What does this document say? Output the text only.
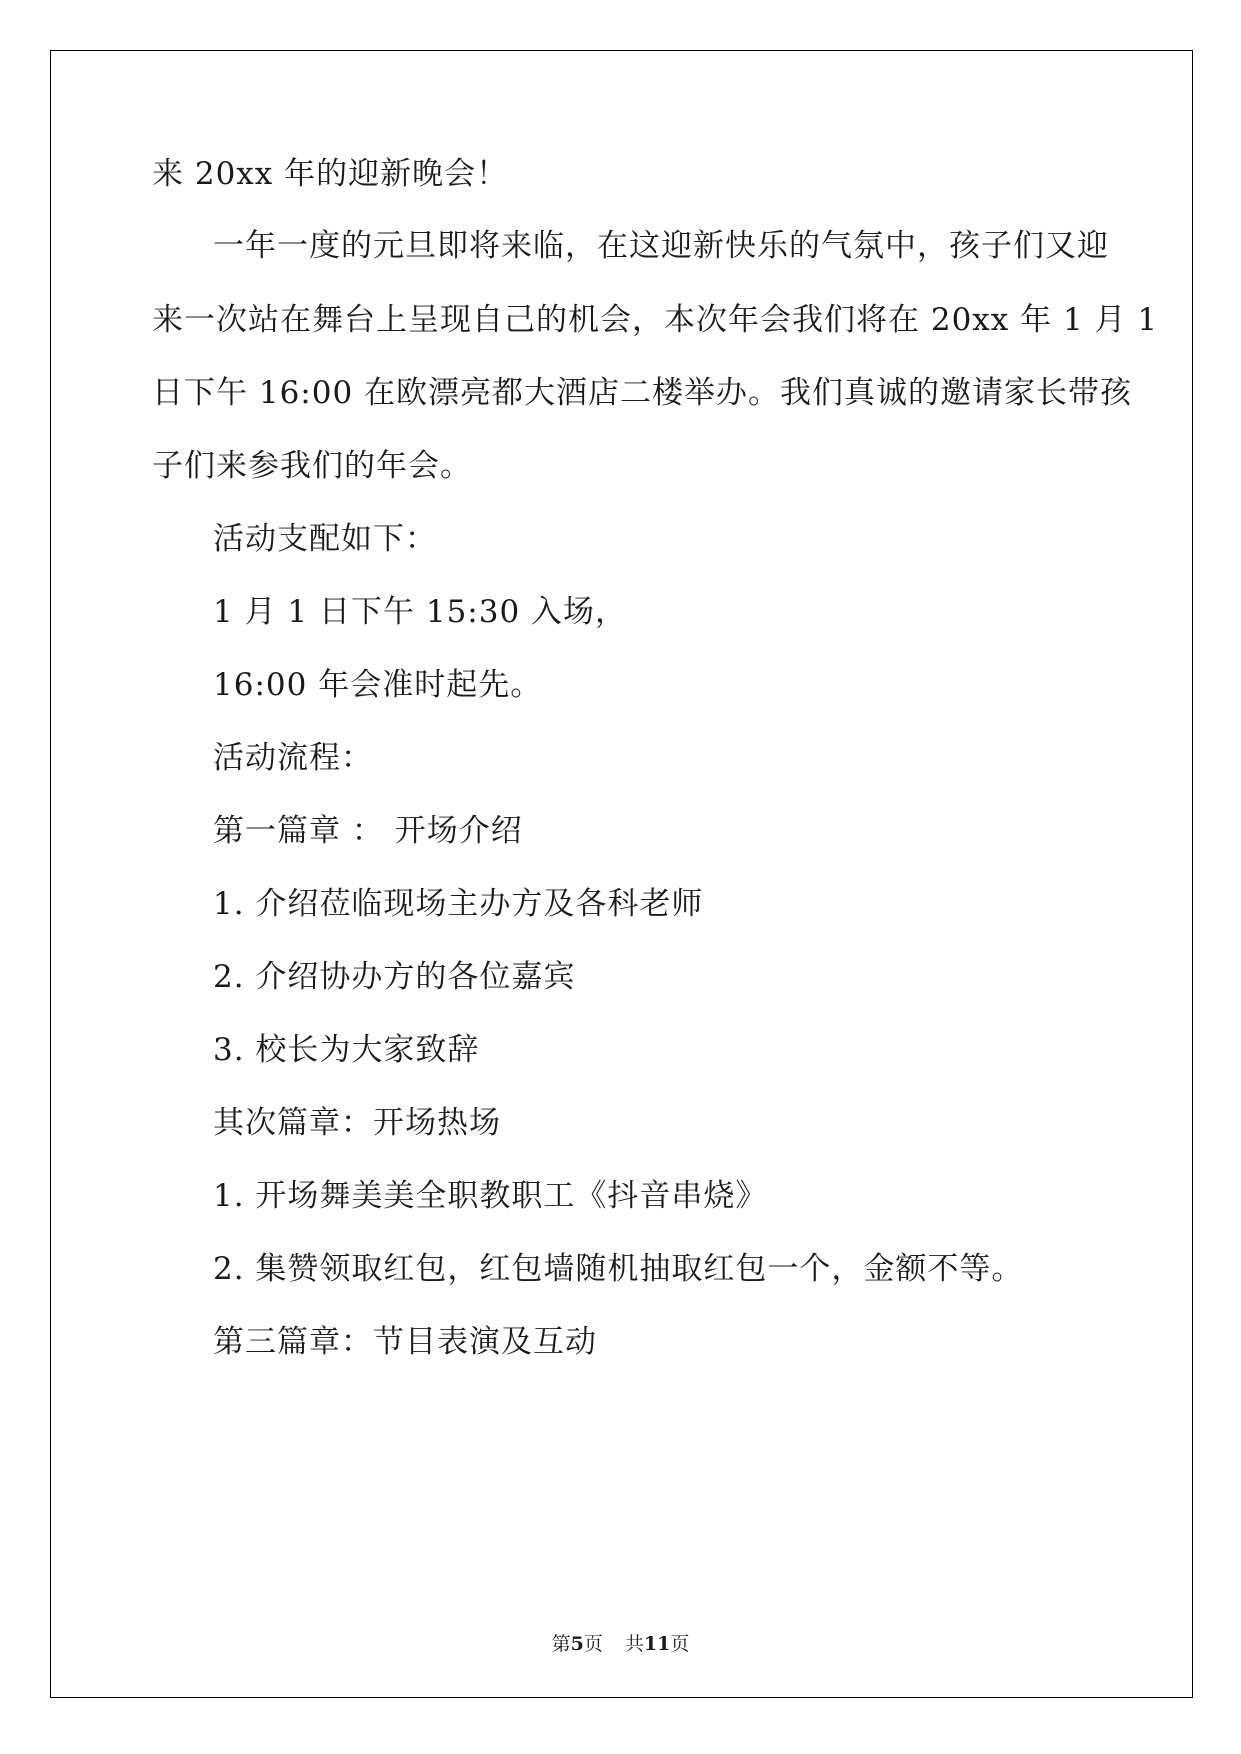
来 20xx 年的迎新晚会！
一年一度的元旦即将来临，在这迎新快乐的气氛中，孩子们又迎
来一次站在舞台上呈现自己的机会，本次年会我们将在 20xx 年 1 月 1
日下午 16:00 在欧漂亮都大酒店二楼举办。我们真诚的邀请家长带孩
子们来参我们的年会。
活动支配如下：
1 月 1 日下午 15:30 入场，
16:00 年会准时起先。
活动流程：
第一篇章 ： 开场介绍
1. 介绍莅临现场主办方及各科老师
2. 介绍协办方的各位嘉宾
3. 校长为大家致辞
其次篇章：开场热场
1. 开场舞美美全职教职工《抖音串烧》
2. 集赞领取红包，红包墙随机抽取红包一个，金额不等。
第三篇章：节目表演及互动
第5页 共11页
